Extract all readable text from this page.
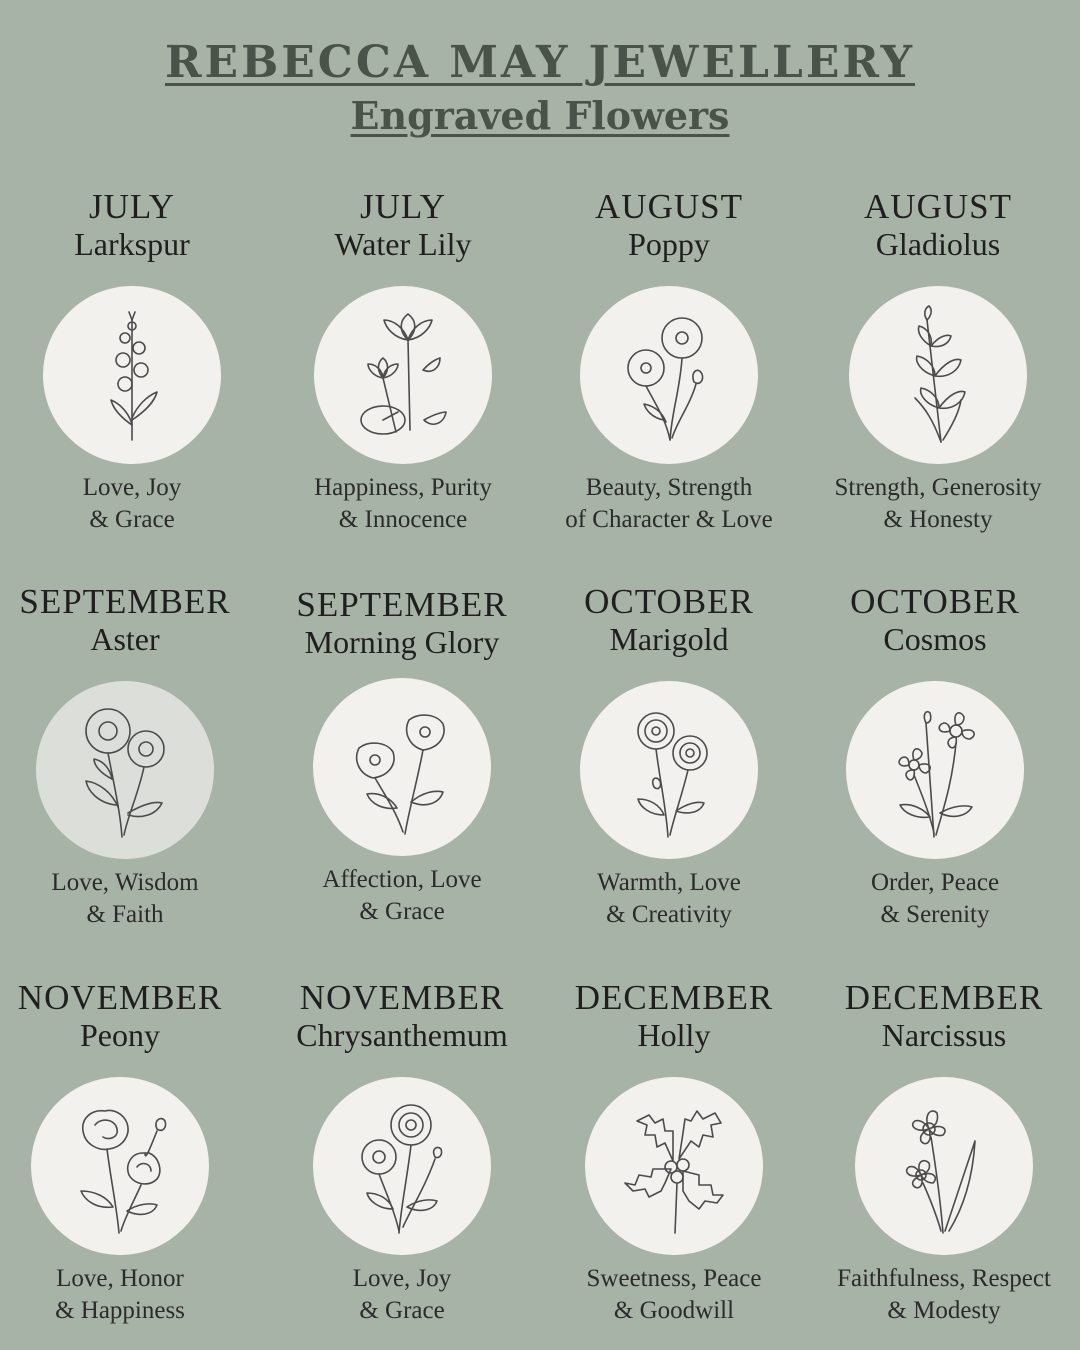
REBECCA MAY JEWELLERY
Engraved Flowers
JULY
Larkspur
Love, Joy
& Grace
JULY
Water Lily
Happiness, Purity
& Innocence
AUGUST
Poppy
Beauty, Strength
of Character & Love
AUGUST
Gladiolus
Strength, Generosity
& Honesty
SEPTEMBER
Aster
Love, Wisdom
& Faith
SEPTEMBER
Morning Glory
Affection, Love
& Grace
OCTOBER
Marigold
Warmth, Love
& Creativity
OCTOBER
Cosmos
Order, Peace
& Serenity
NOVEMBER
Peony
Love, Honor
& Happiness
NOVEMBER
Chrysanthemum
Love, Joy
& Grace
DECEMBER
Holly
Sweetness, Peace
& Goodwill
DECEMBER
Narcissus
Faithfulness, Respect
& Modesty
